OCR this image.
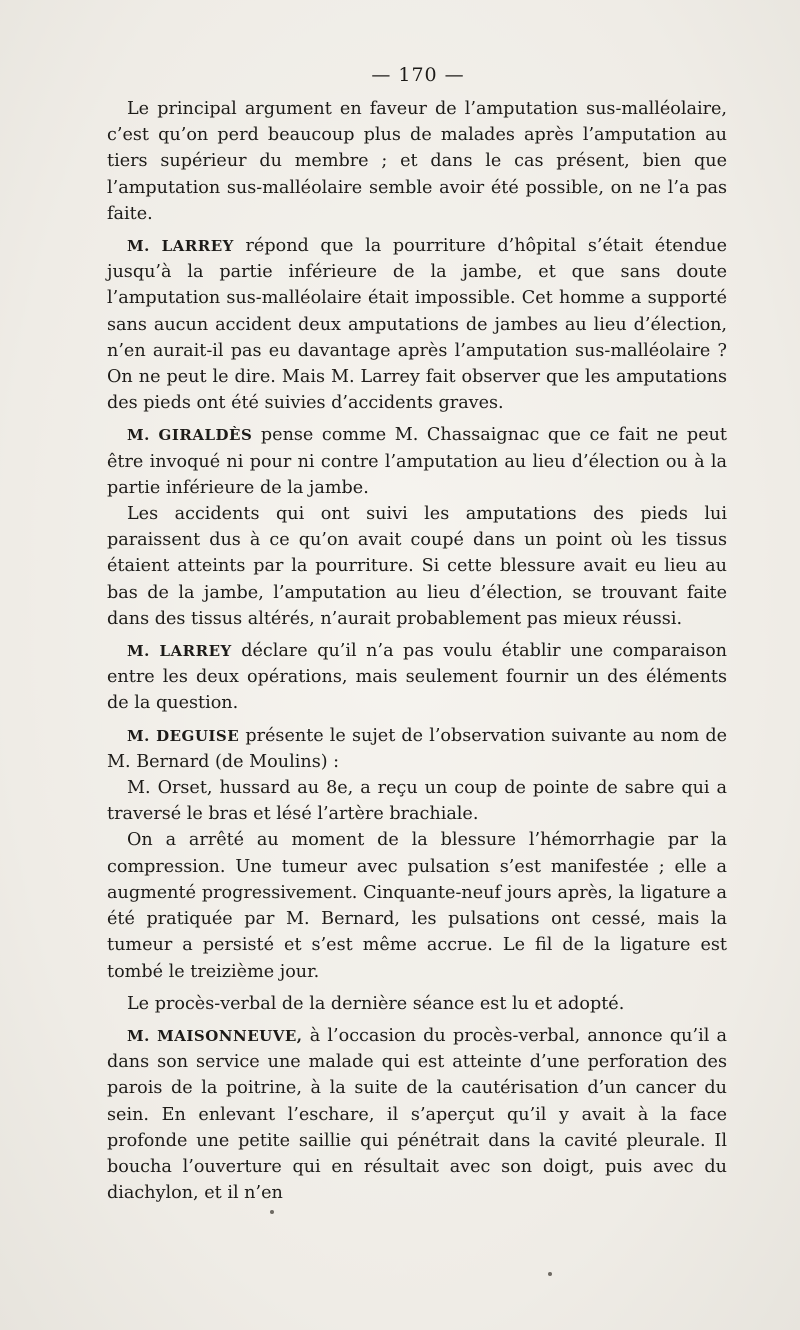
— 170 —

Le principal argument en faveur de l’amputation sus-malléolaire, c’est qu’on perd beaucoup plus de malades après l’amputation au tiers supérieur du membre ; et dans le cas présent, bien que l’amputation sus-malléolaire semble avoir été possible, on ne l’a pas faite.

M. LARREY répond que la pourriture d’hôpital s’était étendue jusqu’à la partie inférieure de la jambe, et que sans doute l’amputation sus-malléolaire était impossible. Cet homme a supporté sans aucun accident deux amputations de jambes au lieu d’élection, n’en aurait-il pas eu davantage après l’amputation sus-malléolaire ? On ne peut le dire. Mais M. Larrey fait observer que les amputations des pieds ont été suivies d’accidents graves.

M. GIRALDÈS pense comme M. Chassaignac que ce fait ne peut être invoqué ni pour ni contre l’amputation au lieu d’élection ou à la partie inférieure de la jambe.

Les accidents qui ont suivi les amputations des pieds lui paraissent dus à ce qu’on avait coupé dans un point où les tissus étaient atteints par la pourriture. Si cette blessure avait eu lieu au bas de la jambe, l’amputation au lieu d’élection, se trouvant faite dans des tissus altérés, n’aurait probablement pas mieux réussi.

M. LARREY déclare qu’il n’a pas voulu établir une comparaison entre les deux opérations, mais seulement fournir un des éléments de la question.

M. DEGUISE présente le sujet de l’observation suivante au nom de M. Bernard (de Moulins) :

M. Orset, hussard au 8e, a reçu un coup de pointe de sabre qui a traversé le bras et lésé l’artère brachiale.

On a arrêté au moment de la blessure l’hémorrhagie par la compression. Une tumeur avec pulsation s’est manifestée ; elle a augmenté progressivement. Cinquante-neuf jours après, la ligature a été pratiquée par M. Bernard, les pulsations ont cessé, mais la tumeur a persisté et s’est même accrue. Le fil de la ligature est tombé le treizième jour.

Le procès-verbal de la dernière séance est lu et adopté.

M. MAISONNEUVE, à l’occasion du procès-verbal, annonce qu’il a dans son service une malade qui est atteinte d’une perforation des parois de la poitrine, à la suite de la cautérisation d’un cancer du sein. En enlevant l’eschare, il s’aperçut qu’il y avait à la face profonde une petite saillie qui pénétrait dans la cavité pleurale. Il boucha l’ouverture qui en résultait avec son doigt, puis avec du diachylon, et il n’en
